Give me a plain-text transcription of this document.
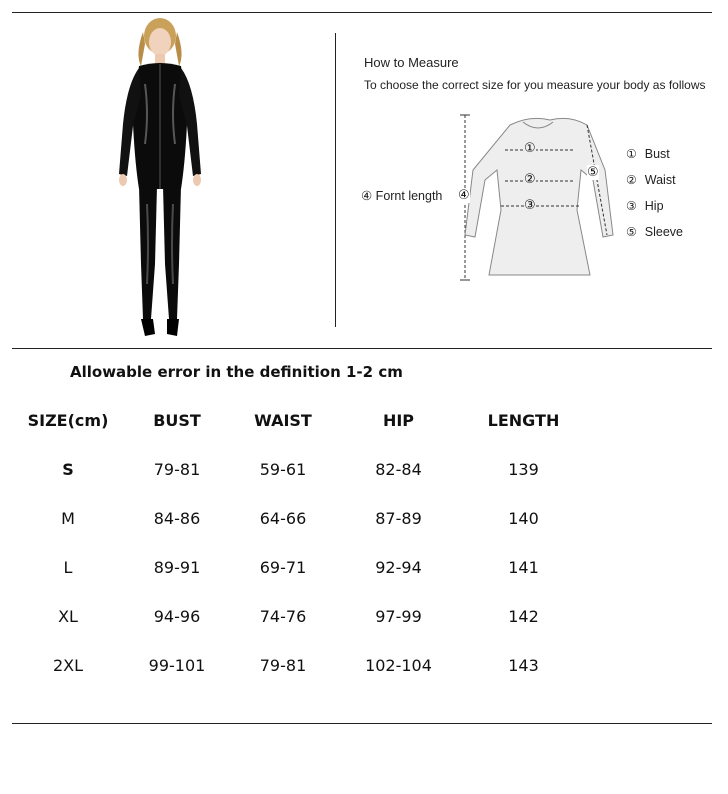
How to Measure
To choose the correct size for you measure your body as follows
①
②
③
④
⑤
④ Fornt length
① Bust
② Waist
③ Hip
⑤ Sleeve
Allowable error in the definition 1-2 cm
SIZE(cm)	BUST	WAIST	HIP	LENGTH
S	79-81	59-61	82-84	139
M	84-86	64-66	87-89	140
L	89-91	69-71	92-94	141
XL	94-96	74-76	97-99	142
2XL	99-101	79-81	102-104	143
